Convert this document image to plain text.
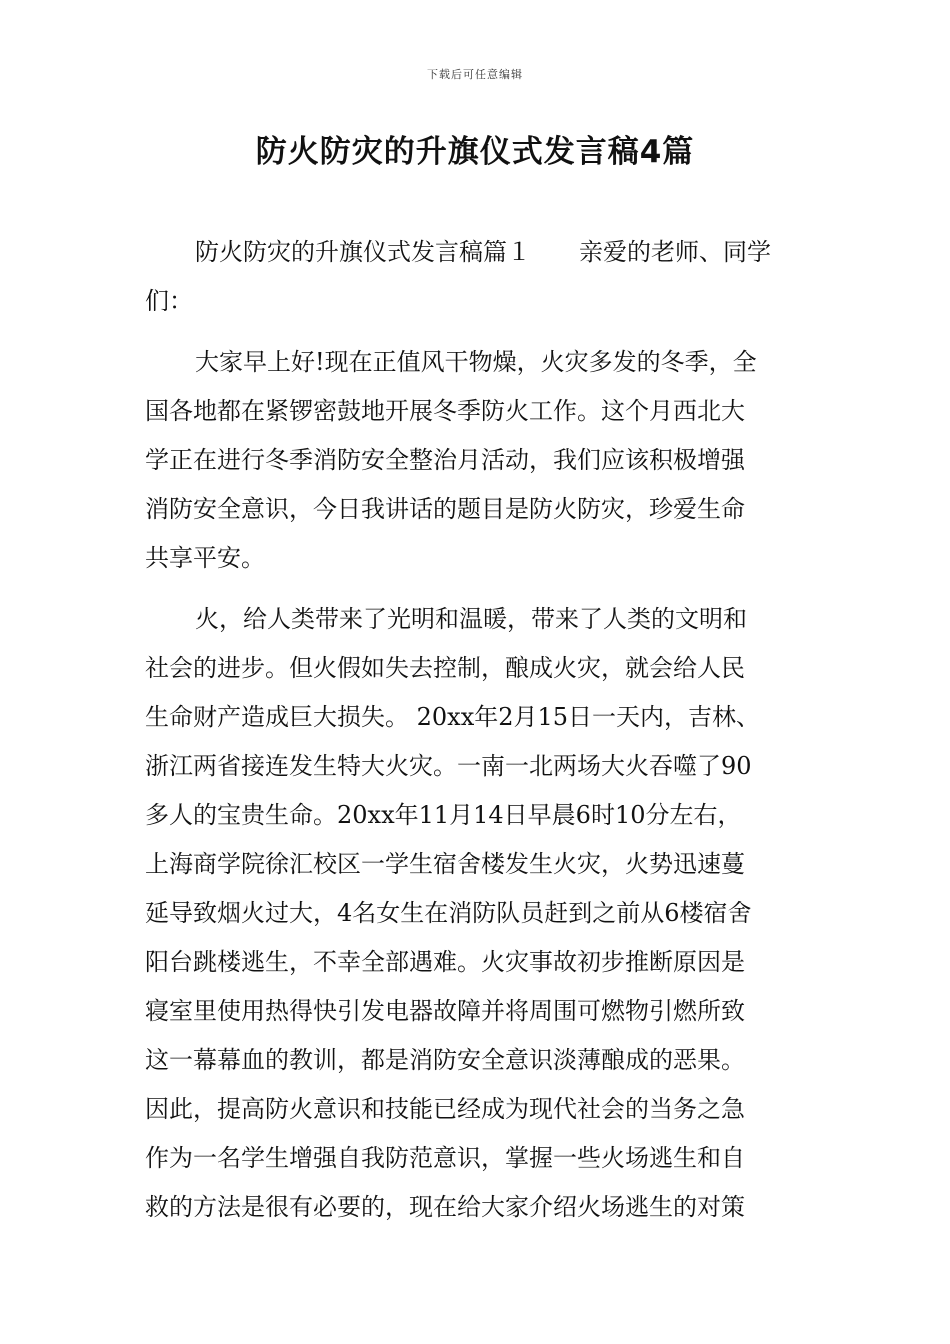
下载后可任意编辑
防火防灾的升旗仪式发言稿4篇
防火防灾的升旗仪式发言稿篇１　　亲爱的老师、同学
们：
大家早上好!现在正值风干物燥，火灾多发的冬季，全
国各地都在紧锣密鼓地开展冬季防火工作。这个月西北大
学正在进行冬季消防安全整治月活动，我们应该积极增强
消防安全意识，今日我讲话的题目是防火防灾，珍爱生命
共享平安。
火，给人类带来了光明和温暖，带来了人类的文明和
社会的进步。但火假如失去控制，酿成火灾，就会给人民
生命财产造成巨大损失。 20xx年2月15日一天内，吉林、
浙江两省接连发生特大火灾。一南一北两场大火吞噬了90
多人的宝贵生命。20xx年11月14日早晨6时10分左右，
上海商学院徐汇校区一学生宿舍楼发生火灾，火势迅速蔓
延导致烟火过大，4名女生在消防队员赶到之前从6楼宿舍
阳台跳楼逃生，不幸全部遇难。火灾事故初步推断原因是
寝室里使用热得快引发电器故障并将周围可燃物引燃所致
这一幕幕血的教训，都是消防安全意识淡薄酿成的恶果。
因此，提高防火意识和技能已经成为现代社会的当务之急
作为一名学生增强自我防范意识，掌握一些火场逃生和自
救的方法是很有必要的，现在给大家介绍火场逃生的对策
